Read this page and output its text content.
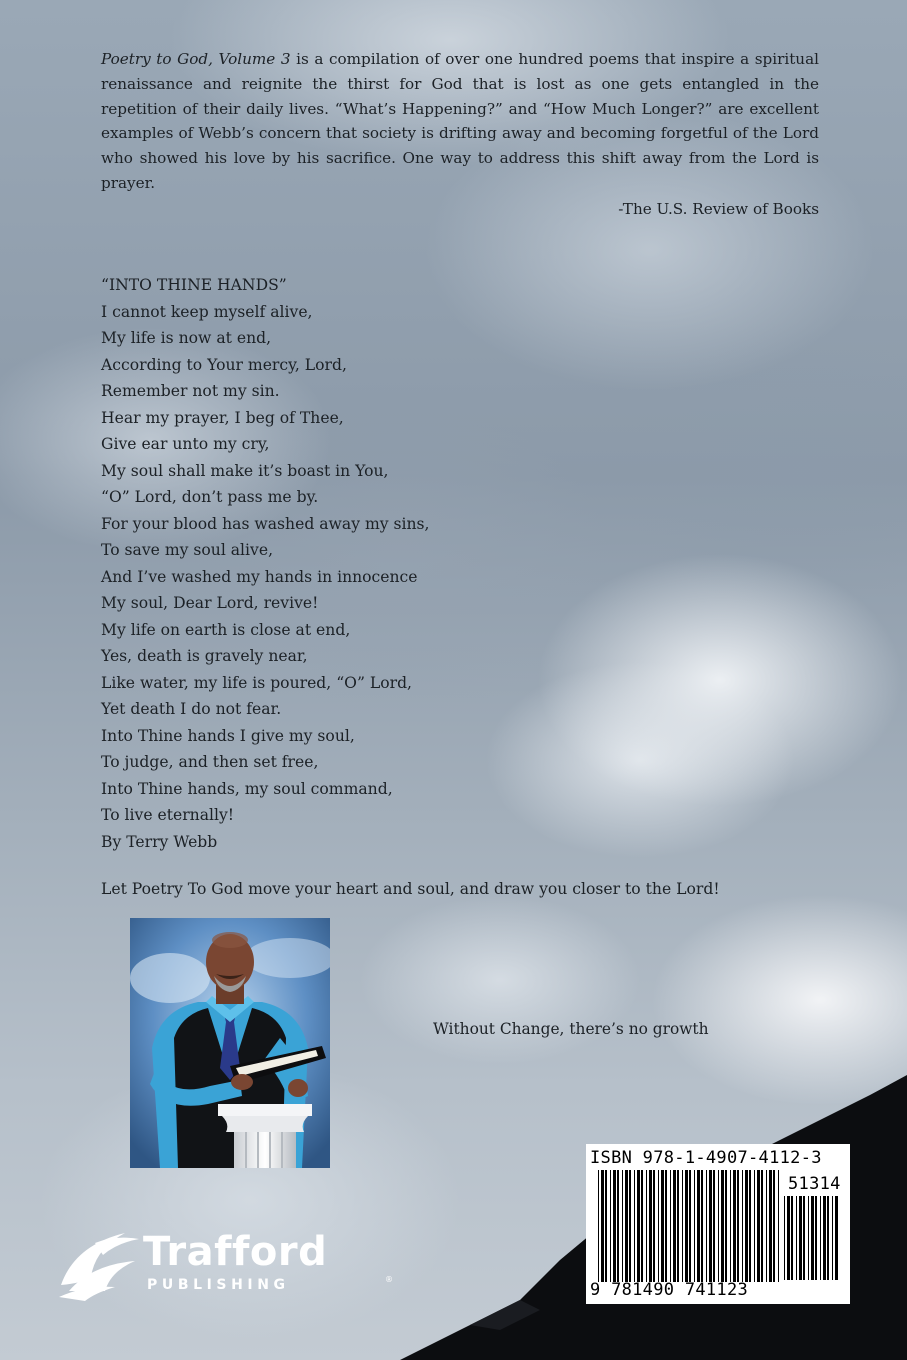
Poetry to God, Volume 3 is a compilation of over one hundred poems that inspire a spiritual renaissance and reignite the thirst for God that is lost as one gets entangled in the repetition of their daily lives. “What’s Happening?” and “How Much Longer?” are excellent examples of Webb’s concern that society is drifting away and becoming forgetful of the Lord who showed his love by his sacrifice. One way to address this shift away from the Lord is prayer.

-The U.S. Review of Books
“INTO THINE HANDS”
I cannot keep myself alive,
My life is now at end,
According to Your mercy, Lord,
Remember not my sin.
Hear my prayer, I beg of Thee,
Give ear unto my cry,
My soul shall make it’s boast in You,
“O” Lord, don’t pass me by.
For your blood has washed away my sins,
To save my soul alive,
And I’ve washed my hands in innocence
My soul, Dear Lord, revive!
My life on earth is close at end,
Yes, death is gravely near,
Like water, my life is poured, “O” Lord,
Yet death I do not fear.
Into Thine hands I give my soul,
To judge, and then set free,
Into Thine hands, my soul command,
To live eternally!
By Terry Webb
Let Poetry To God move your heart and soul, and draw you closer to the Lord!
Without Change, there’s no growth
Trafford
PUBLISHING	®
ISBN 978-1-4907-4112-3
51314
9 781490 741123
